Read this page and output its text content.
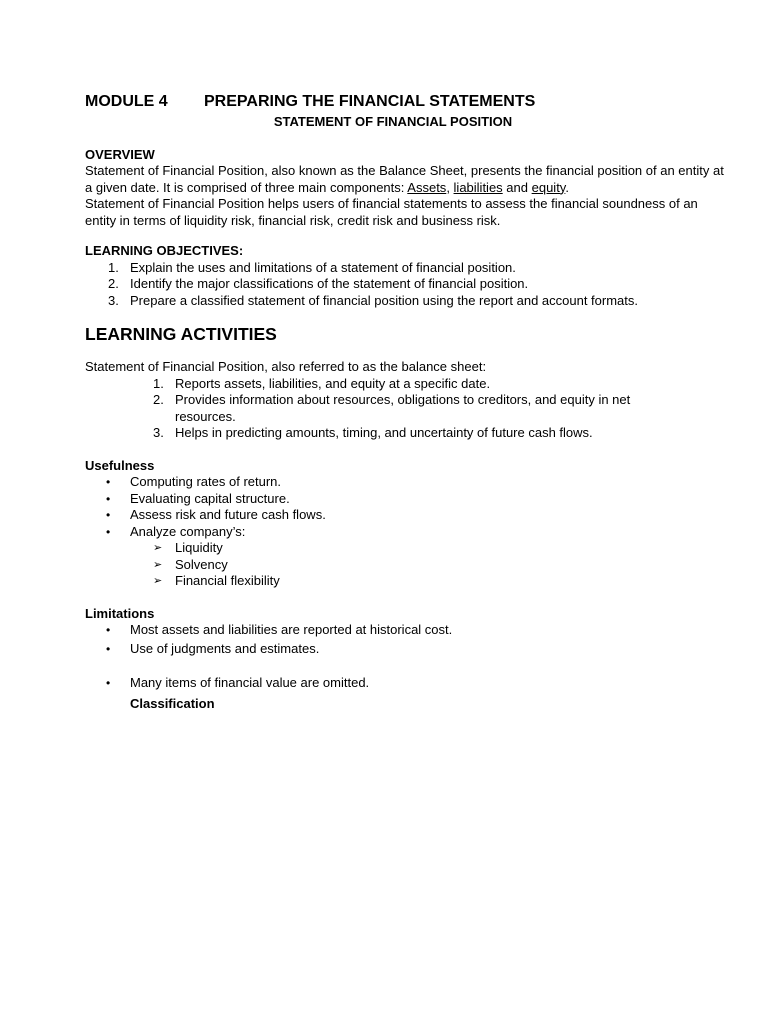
MODULE 4 PREPARING THE FINANCIAL STATEMENTS
STATEMENT OF FINANCIAL POSITION
OVERVIEW

Statement of Financial Position, also known as the Balance Sheet, presents the financial position of an entity at a given date. It is comprised of three main components: Assets, liabilities and equity.

Statement of Financial Position helps users of financial statements to assess the financial soundness of an entity in terms of liquidity risk, financial risk, credit risk and business risk.

LEARNING OBJECTIVES:
1. Explain the uses and limitations of a statement of financial position.
2. Identify the major classifications of the statement of financial position.
3. Prepare a classified statement of financial position using the report and account formats.
LEARNING ACTIVITIES

Statement of Financial Position, also referred to as the balance sheet:

1. Reports assets, liabilities, and equity at a specific date.
2. Provides information about resources, obligations to creditors, and equity in net resources.
3. Helps in predicting amounts, timing, and uncertainty of future cash flows.
Usefulness
•	Computing rates of return.
•	Evaluating capital structure.
•	Assess risk and future cash flows.
•	Analyze company’s:
➢ Liquidity
➢ Solvency
➢ Financial flexibility
Limitations
•	Most assets and liabilities are reported at historical cost.
•	Use of judgments and estimates.
•	Many items of financial value are omitted.
Classification
